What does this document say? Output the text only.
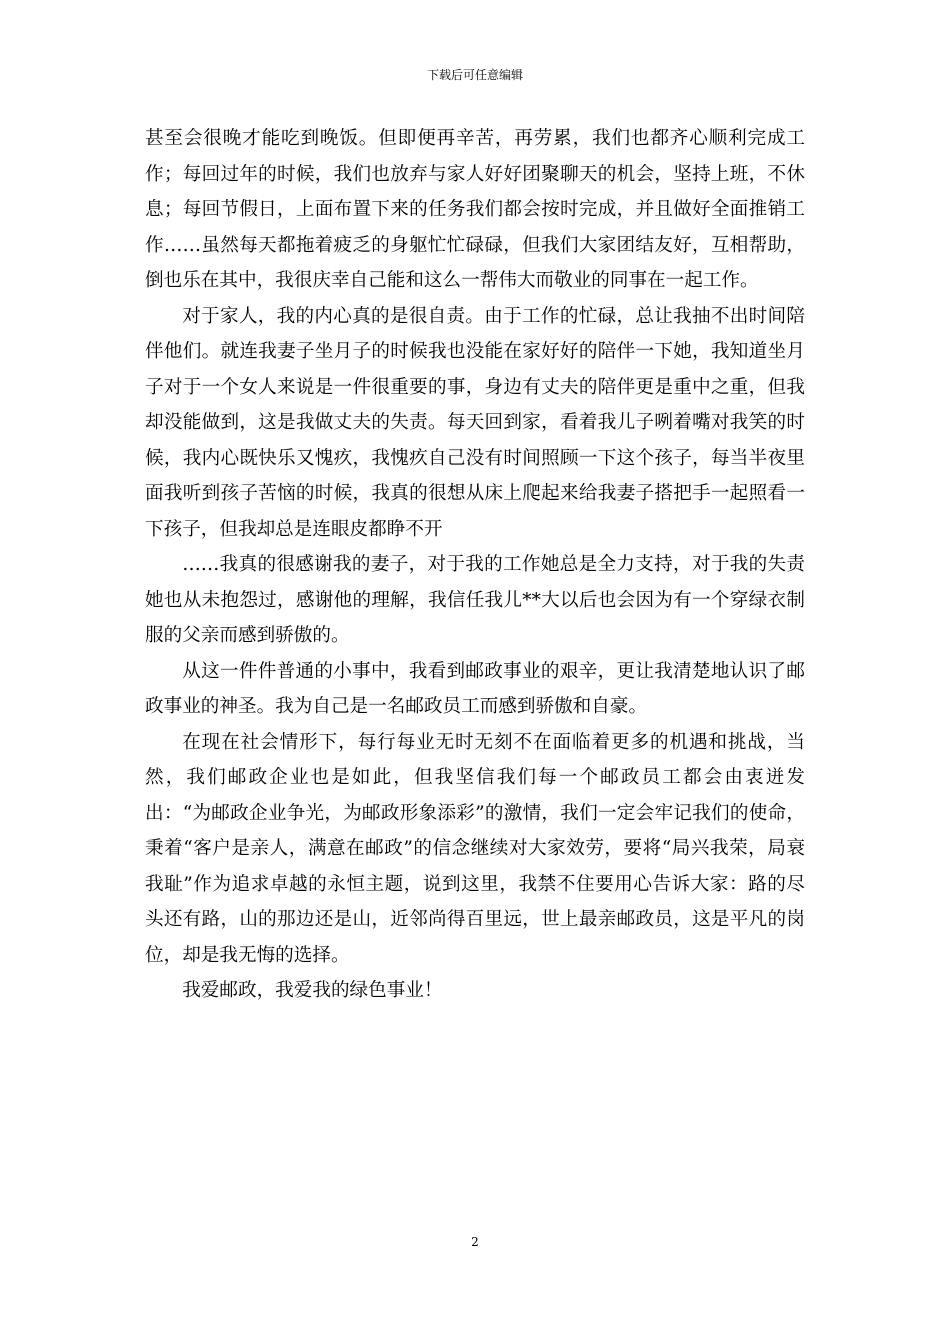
下载后可任意编辑

甚至会很晚才能吃到晚饭。但即便再辛苦，再劳累，我们也都齐心顺利完成工作；每回过年的时候，我们也放弃与家人好好团聚聊天的机会，坚持上班，不休息；每回节假日，上面布置下来的任务我们都会按时完成，并且做好全面推销工作……虽然每天都拖着疲乏的身躯忙忙碌碌，但我们大家团结友好，互相帮助，倒也乐在其中，我很庆幸自己能和这么一帮伟大而敬业的同事在一起工作。

对于家人，我的内心真的是很自责。由于工作的忙碌，总让我抽不出时间陪伴他们。就连我妻子坐月子的时候我也没能在家好好的陪伴一下她，我知道坐月子对于一个女人来说是一件很重要的事，身边有丈夫的陪伴更是重中之重，但我却没能做到，这是我做丈夫的失责。每天回到家，看着我儿子咧着嘴对我笑的时候，我内心既快乐又愧疚，我愧疚自己没有时间照顾一下这个孩子，每当半夜里面我听到孩子苦恼的时候，我真的很想从床上爬起来给我妻子搭把手一起照看一下孩子，但我却总是连眼皮都睁不开

……我真的很感谢我的妻子，对于我的工作她总是全力支持，对于我的失责她也从未抱怨过，感谢他的理解，我信任我儿**大以后也会因为有一个穿绿衣制服的父亲而感到骄傲的。

从这一件件普通的小事中，我看到邮政事业的艰辛，更让我清楚地认识了邮政事业的神圣。我为自己是一名邮政员工而感到骄傲和自豪。

在现在社会情形下，每行每业无时无刻不在面临着更多的机遇和挑战，当然，我们邮政企业也是如此，但我坚信我们每一个邮政员工都会由衷迸发出：“为邮政企业争光，为邮政形象添彩”的激情，我们一定会牢记我们的使命，秉着“客户是亲人，满意在邮政”的信念继续对大家效劳，要将“局兴我荣，局衰我耻”作为追求卓越的永恒主题，说到这里，我禁不住要用心告诉大家：路的尽头还有路，山的那边还是山，近邻尚得百里远，世上最亲邮政员，这是平凡的岗位，却是我无悔的选择。

我爱邮政，我爱我的绿色事业！

2
